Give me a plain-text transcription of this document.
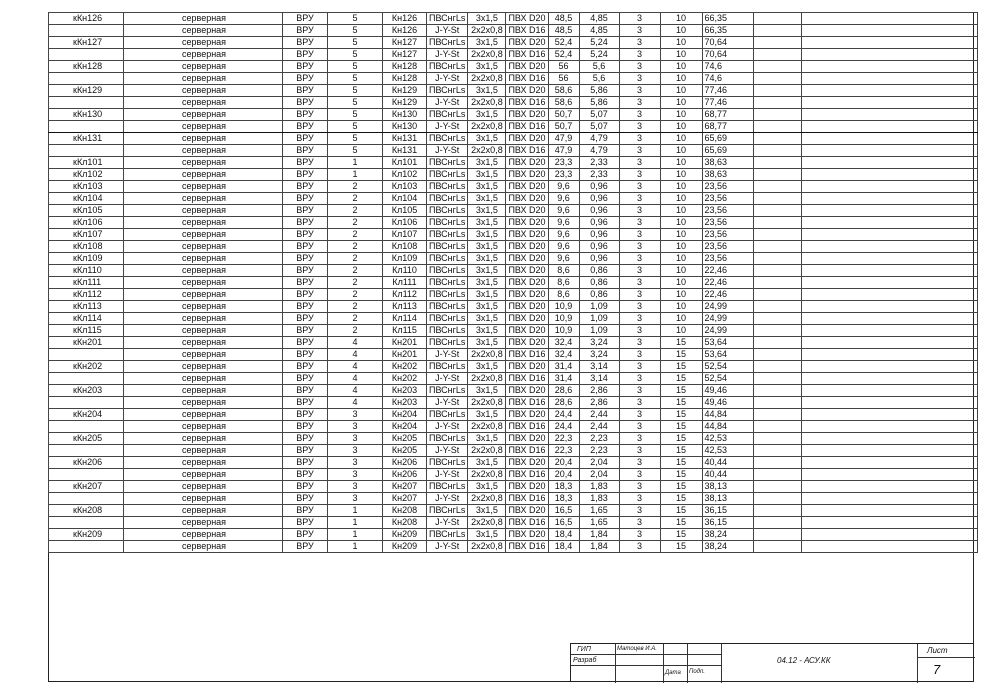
кКн126	серверная	ВРУ	5	Кн126	ПВСнгLs	3х1,5	ПВХ D20	48,5	4,85	3	10	66,35		
	серверная	ВРУ	5	Кн126	J-Y-St	2х2х0,8	ПВХ D16	48,5	4,85	3	10	66,35		
кКн127	серверная	ВРУ	5	Кн127	ПВСнгLs	3х1,5	ПВХ D20	52,4	5,24	3	10	70,64		
	серверная	ВРУ	5	Кн127	J-Y-St	2х2х0,8	ПВХ D16	52,4	5,24	3	10	70,64		
кКн128	серверная	ВРУ	5	Кн128	ПВСнгLs	3х1,5	ПВХ D20	56	5,6	3	10	74,6		
	серверная	ВРУ	5	Кн128	J-Y-St	2х2х0,8	ПВХ D16	56	5,6	3	10	74,6		
кКн129	серверная	ВРУ	5	Кн129	ПВСнгLs	3х1,5	ПВХ D20	58,6	5,86	3	10	77,46		
	серверная	ВРУ	5	Кн129	J-Y-St	2х2х0,8	ПВХ D16	58,6	5,86	3	10	77,46		
кКн130	серверная	ВРУ	5	Кн130	ПВСнгLs	3х1,5	ПВХ D20	50,7	5,07	3	10	68,77		
	серверная	ВРУ	5	Кн130	J-Y-St	2х2х0,8	ПВХ D16	50,7	5,07	3	10	68,77		
кКн131	серверная	ВРУ	5	Кн131	ПВСнгLs	3х1,5	ПВХ D20	47,9	4,79	3	10	65,69		
	серверная	ВРУ	5	Кн131	J-Y-St	2х2х0,8	ПВХ D16	47,9	4,79	3	10	65,69		
кКл101	серверная	ВРУ	1	Кл101	ПВСнгLs	3х1,5	ПВХ D20	23,3	2,33	3	10	38,63		
кКл102	серверная	ВРУ	1	Кл102	ПВСнгLs	3х1,5	ПВХ D20	23,3	2,33	3	10	38,63		
кКл103	серверная	ВРУ	2	Кл103	ПВСнгLs	3х1,5	ПВХ D20	9,6	0,96	3	10	23,56		
кКл104	серверная	ВРУ	2	Кл104	ПВСнгLs	3х1,5	ПВХ D20	9,6	0,96	3	10	23,56		
кКл105	серверная	ВРУ	2	Кл105	ПВСнгLs	3х1,5	ПВХ D20	9,6	0,96	3	10	23,56		
кКл106	серверная	ВРУ	2	Кл106	ПВСнгLs	3х1,5	ПВХ D20	9,6	0,96	3	10	23,56		
кКл107	серверная	ВРУ	2	Кл107	ПВСнгLs	3х1,5	ПВХ D20	9,6	0,96	3	10	23,56		
кКл108	серверная	ВРУ	2	Кл108	ПВСнгLs	3х1,5	ПВХ D20	9,6	0,96	3	10	23,56		
кКл109	серверная	ВРУ	2	Кл109	ПВСнгLs	3х1,5	ПВХ D20	9,6	0,96	3	10	23,56		
кКл110	серверная	ВРУ	2	Кл110	ПВСнгLs	3х1,5	ПВХ D20	8,6	0,86	3	10	22,46		
кКл111	серверная	ВРУ	2	Кл111	ПВСнгLs	3х1,5	ПВХ D20	8,6	0,86	3	10	22,46		
кКл112	серверная	ВРУ	2	Кл112	ПВСнгLs	3х1,5	ПВХ D20	8,6	0,86	3	10	22,46		
кКл113	серверная	ВРУ	2	Кл113	ПВСнгLs	3х1,5	ПВХ D20	10,9	1,09	3	10	24,99		
кКл114	серверная	ВРУ	2	Кл114	ПВСнгLs	3х1,5	ПВХ D20	10,9	1,09	3	10	24,99		
кКл115	серверная	ВРУ	2	Кл115	ПВСнгLs	3х1,5	ПВХ D20	10,9	1,09	3	10	24,99		
кКн201	серверная	ВРУ	4	Кн201	ПВСнгLs	3х1,5	ПВХ D20	32,4	3,24	3	15	53,64		
	серверная	ВРУ	4	Кн201	J-Y-St	2х2х0,8	ПВХ D16	32,4	3,24	3	15	53,64		
кКн202	серверная	ВРУ	4	Кн202	ПВСнгLs	3х1,5	ПВХ D20	31,4	3,14	3	15	52,54		
	серверная	ВРУ	4	Кн202	J-Y-St	2х2х0,8	ПВХ D16	31,4	3,14	3	15	52,54		
кКн203	серверная	ВРУ	4	Кн203	ПВСнгLs	3х1,5	ПВХ D20	28,6	2,86	3	15	49,46		
	серверная	ВРУ	4	Кн203	J-Y-St	2х2х0,8	ПВХ D16	28,6	2,86	3	15	49,46		
кКн204	серверная	ВРУ	3	Кн204	ПВСнгLs	3х1,5	ПВХ D20	24,4	2,44	3	15	44,84		
	серверная	ВРУ	3	Кн204	J-Y-St	2х2х0,8	ПВХ D16	24,4	2,44	3	15	44,84		
кКн205	серверная	ВРУ	3	Кн205	ПВСнгLs	3х1,5	ПВХ D20	22,3	2,23	3	15	42,53		
	серверная	ВРУ	3	Кн205	J-Y-St	2х2х0,8	ПВХ D16	22,3	2,23	3	15	42,53		
кКн206	серверная	ВРУ	3	Кн206	ПВСнгLs	3х1,5	ПВХ D20	20,4	2,04	3	15	40,44		
	серверная	ВРУ	3	Кн206	J-Y-St	2х2х0,8	ПВХ D16	20,4	2,04	3	15	40,44		
кКн207	серверная	ВРУ	3	Кн207	ПВСнгLs	3х1,5	ПВХ D20	18,3	1,83	3	15	38,13		
	серверная	ВРУ	3	Кн207	J-Y-St	2х2х0,8	ПВХ D16	18,3	1,83	3	15	38,13		
кКн208	серверная	ВРУ	1	Кн208	ПВСнгLs	3х1,5	ПВХ D20	16,5	1,65	3	15	36,15		
	серверная	ВРУ	1	Кн208	J-Y-St	2х2х0,8	ПВХ D16	16,5	1,65	3	15	36,15		
кКн209	серверная	ВРУ	1	Кн209	ПВСнгLs	3х1,5	ПВХ D20	18,4	1,84	3	15	38,24		
	серверная	ВРУ	1	Кн209	J-Y-St	2х2х0,8	ПВХ D16	18,4	1,84	3	15	38,24		
ГИП	Матоцев И.А.
Разраб
Дата Подп.
04.12 - АСУ.КК
Лист
7
